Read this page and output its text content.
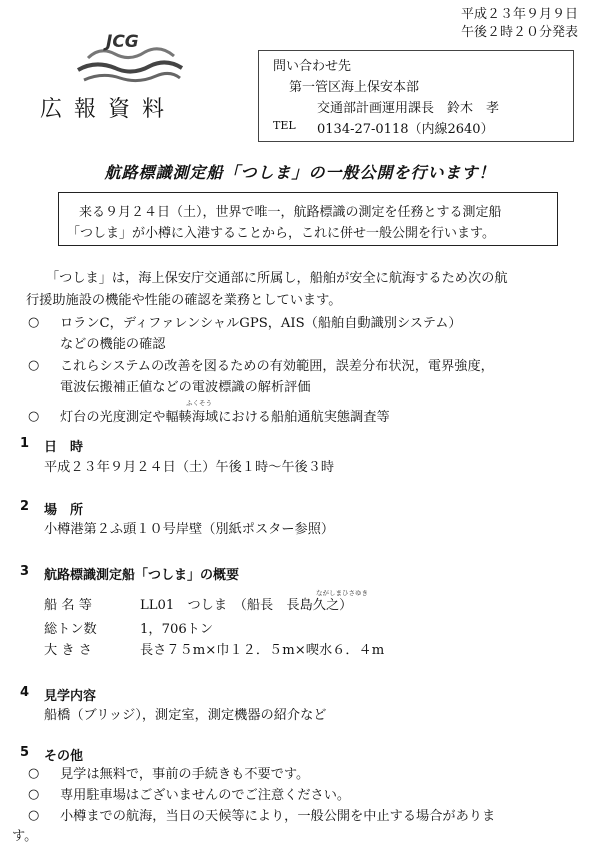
平成２３年９月９日
午後２時２０分発表
JCG
広報資料
問い合わせ先
第一管区海上保安本部
交通部計画運用課長　鈴木　孝
TEL 0134-27-0118（内線2640）
航路標識測定船「つしま」の一般公開を行います！
来る９月２４日（土），世界で唯一，航路標識の測定を任務とする測定船
「つしま」が小樽に入港することから，これに併せ一般公開を行います。
「つしま」は，海上保安庁交通部に所属し，船舶が安全に航海するため次の航
行援助施設の機能や性能の確認を業務としています。
○ ロランC，ディファレンシャルGPS，AIS（船舶自動識別システム）
などの機能の確認
○ これらシステムの改善を図るための有効範囲，誤差分布状況，電界強度，
電波伝搬補正値などの電波標識の解析評価
ふくそう
○ 灯台の光度測定や輻輳海域における船舶通航実態調査等
1 日　時
平成２３年９月２４日（土）午後１時～午後３時
2 場　所
小樽港第２ふ頭１０号岸壁（別紙ポスター参照）
3 航路標識測定船「つしま」の概要
ながしまひさゆき
船 名 等	LL01　つしま　（船長　長島久之）
総トン数	1，706トン
大 き さ	長さ７５m×巾１２．５m×喫水６．４m
4 見学内容
船橋（ブリッジ），測定室，測定機器の紹介など
5 その他
○ 見学は無料で，事前の手続きも不要です。
○ 専用駐車場はございませんのでご注意ください。
○ 小樽までの航海，当日の天候等により，一般公開を中止する場合がありま
す。
